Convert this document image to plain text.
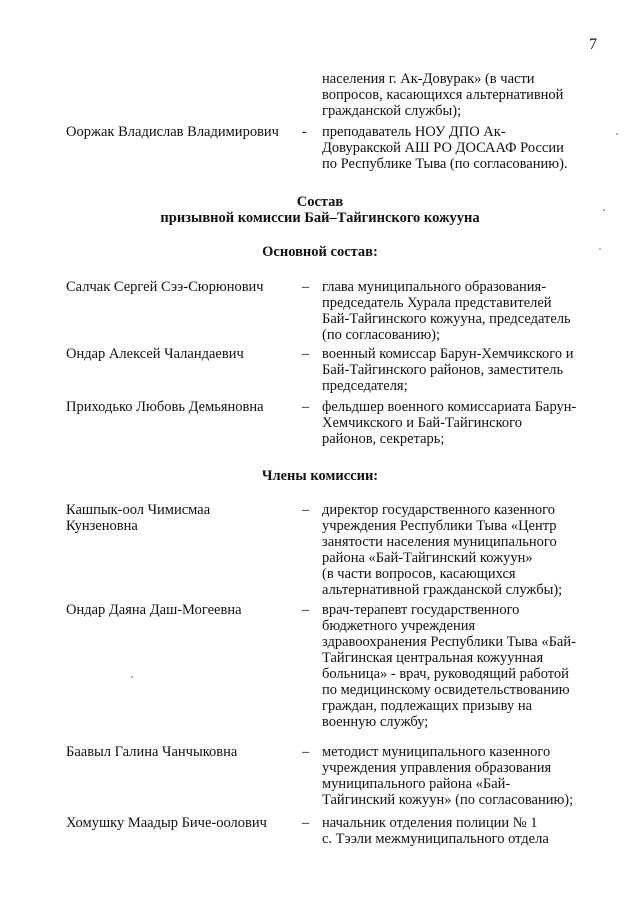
7
населения г. Ак-Довурак» (в части
вопросов, касающихся альтернативной
гражданской службы);
Ооржак Владислав Владимирович	- преподаватель НОУ ДПО Ак-
Довуракской АШ РО ДОСААФ России
по Республике Тыва (по согласованию).
Состав
призывной комиссии Бай–Тайгинского кожууна
Основной состав:
Салчак Сергей Сээ-Сюрюнович	– глава муниципального образования-
председатель Хурала представителей
Бай-Тайгинского кожууна, председатель
(по согласованию);
Ондар Алексей Чаландаевич	– военный комиссар Барун-Хемчикского и
Бай-Тайгинского районов, заместитель
председателя;
Приходько Любовь Демьяновна	– фельдшер военного комиссариата Барун-
Хемчикского и Бай-Тайгинского
районов, секретарь;
Члены комиссии:
Кашпык-оол Чимисмаа
Кунзеновна
– директор государственного казенного
учреждения Республики Тыва «Центр
занятости населения муниципального
района «Бай-Тайгинский кожуун»
(в части вопросов, касающихся
альтернативной гражданской службы);
Ондар Даяна Даш-Могеевна	– врач-терапевт государственного
бюджетного учреждения
здравоохранения Республики Тыва «Бай-
Тайгинская центральная кожуунная
больница» - врач, руководящий работой
по медицинскому освидетельствованию
граждан, подлежащих призыву на
военную службу;
Баавыл Галина Чанчыковна	– методист муниципального казенного
учреждения управления образования
муниципального района «Бай-
Тайгинский кожуун» (по согласованию);
Хомушку Маадыр Биче-оолович	– начальник отделения полиции № 1
с. Тээли межмуниципального отдела
